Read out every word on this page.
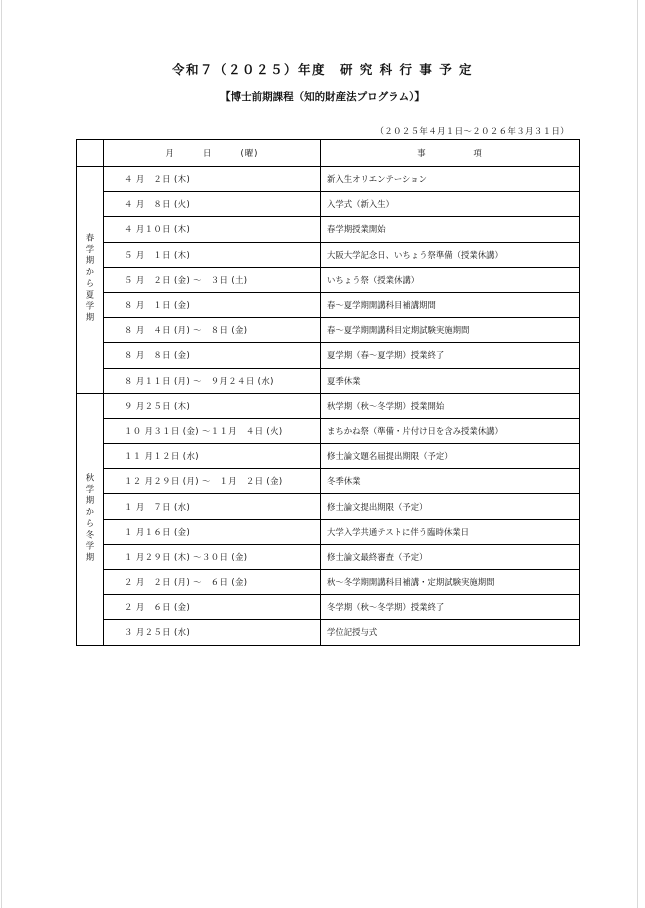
令和７（２０２５）年度　研 究 科 行 事 予 定
【博士前期課程（知的財産法プログラム）】
（２０２５年４月１日～２０２６年３月３１日）
	月　　　日　　　(曜)	事　　　　　項
春学期から夏学期	４ 月　２日 (木)	新入生オリエンテーション
	４ 月　８日 (火)	入学式（新入生）
	４ 月１０日 (木)	春学期授業開始
	５ 月　１日 (木)	大阪大学記念日、いちょう祭準備（授業休講）
	５ 月　２日 (金) ～　３日 (土)	いちょう祭（授業休講）
	８ 月　１日 (金)	春～夏学期開講科目補講期間
	８ 月　４日 (月) ～　８日 (金)	春～夏学期開講科目定期試験実施期間
	８ 月　８日 (金)	夏学期（春～夏学期）授業終了
	８ 月１１日 (月) ～　９月２４日 (水)	夏季休業
秋学期から冬学期	９ 月２５日 (木)	秋学期（秋～冬学期）授業開始
	１０ 月３１日 (金) ～１１月　４日 (火)	まちかね祭（準備・片付け日を含み授業休講）
	１１ 月１２日 (水)	修士論文題名届提出期限（予定）
	１２ 月２９日 (月) ～　１月　２日 (金)	冬季休業
	１ 月　７日 (水)	修士論文提出期限（予定）
	１ 月１６日 (金)	大学入学共通テストに伴う臨時休業日
	１ 月２９日 (木) ～３０日 (金)	修士論文最終審査（予定）
	２ 月　２日 (月) ～　６日 (金)	秋～冬学期開講科目補講・定期試験実施期間
	２ 月　６日 (金)	冬学期（秋～冬学期）授業終了
	３ 月２５日 (水)	学位記授与式
